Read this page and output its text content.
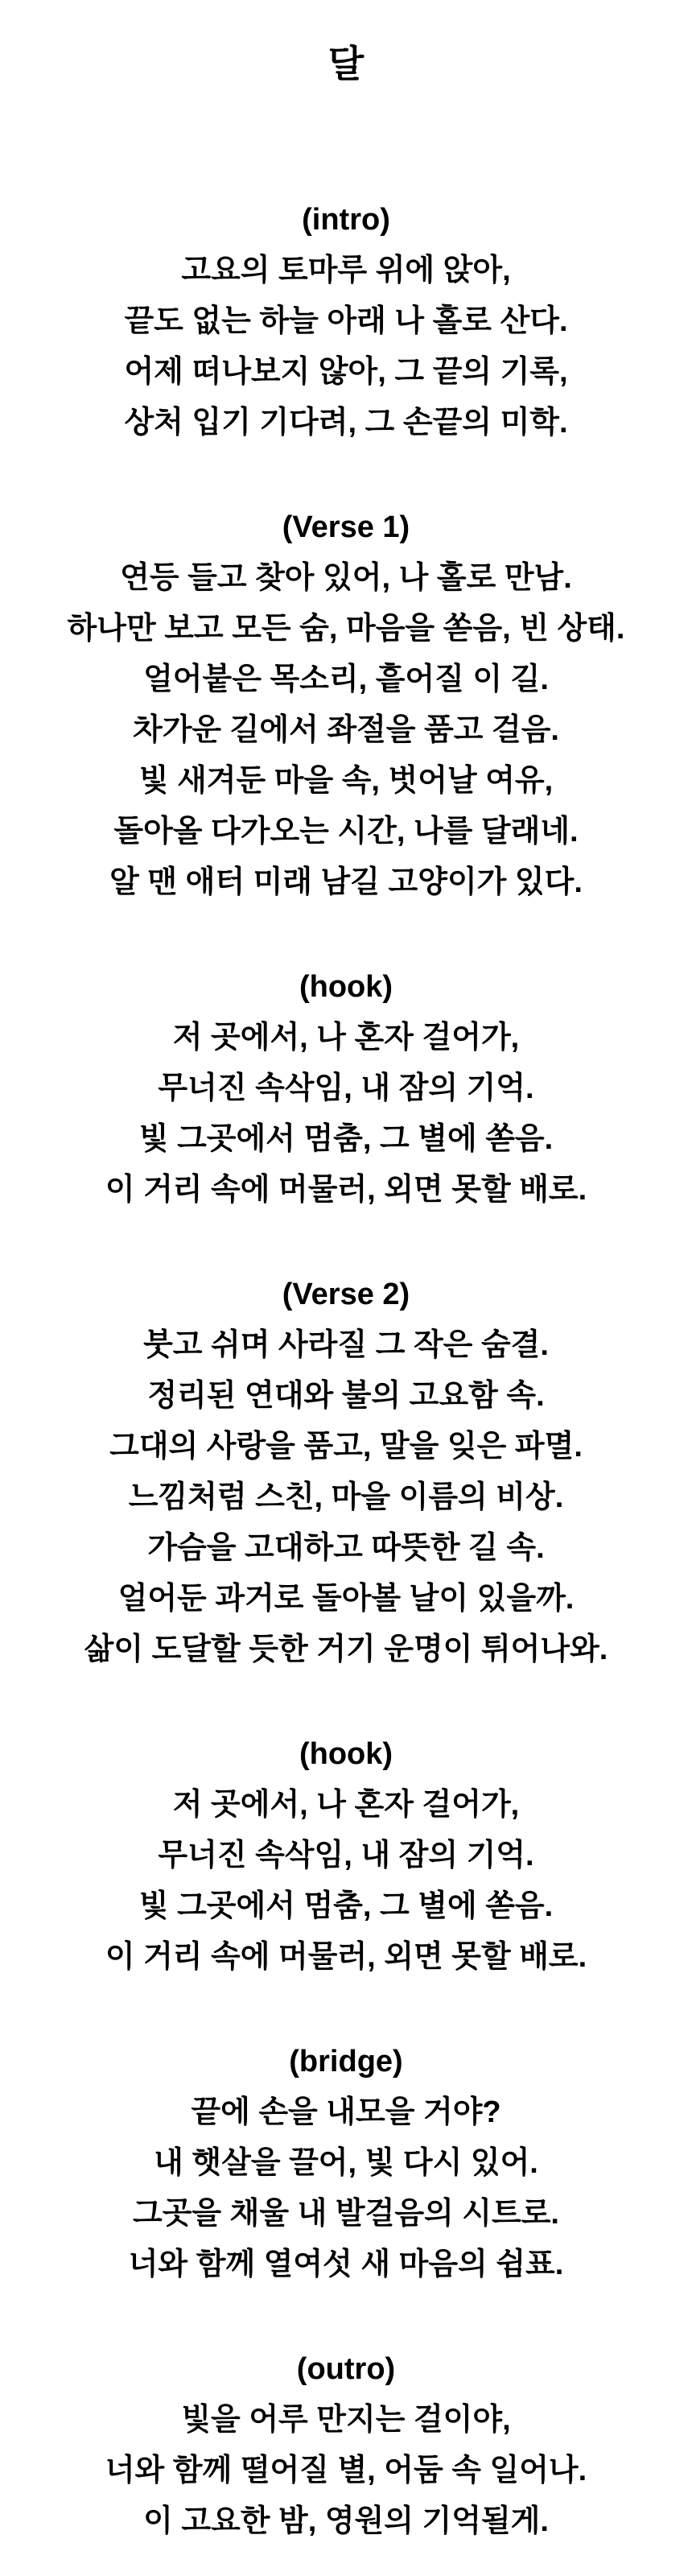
달
(intro)
고요의 토마루 위에 앉아,
끝도 없는 하늘 아래 나 홀로 산다.
어제 떠나보지 않아, 그 끝의 기록,
상처 입기 기다려, 그 손끝의 미학.
(Verse 1)
연등 들고 찾아 있어, 나 홀로 만남.
하나만 보고 모든 숨, 마음을 쏟음, 빈 상태.
얼어붙은 목소리, 흩어질 이 길.
차가운 길에서 좌절을 품고 걸음.
빛 새겨둔 마을 속, 벗어날 여유,
돌아올 다가오는 시간, 나를 달래네.
알 맨 애터 미래 남길 고양이가 있다.
(hook)
저 곳에서, 나 혼자 걸어가,
무너진 속삭임, 내 잠의 기억.
빛 그곳에서 멈춤, 그 별에 쏟음.
이 거리 속에 머물러, 외면 못할 배로.
(Verse 2)
붓고 쉬며 사라질 그 작은 숨결.
정리된 연대와 불의 고요함 속.
그대의 사랑을 품고, 말을 잊은 파멸.
느낌처럼 스친, 마을 이름의 비상.
가슴을 고대하고 따뜻한 길 속.
얼어둔 과거로 돌아볼 날이 있을까.
삶이 도달할 듯한 거기 운명이 튀어나와.
(hook)
저 곳에서, 나 혼자 걸어가,
무너진 속삭임, 내 잠의 기억.
빛 그곳에서 멈춤, 그 별에 쏟음.
이 거리 속에 머물러, 외면 못할 배로.
(bridge)
끝에 손을 내모을 거야?
내 햇살을 끌어, 빛 다시 있어.
그곳을 채울 내 발걸음의 시트로.
너와 함께 열여섯 새 마음의 쉼표.
(outro)
빛을 어루 만지는 걸이야,
너와 함께 떨어질 별, 어둠 속 일어나.
이 고요한 밤, 영원의 기억될게.
